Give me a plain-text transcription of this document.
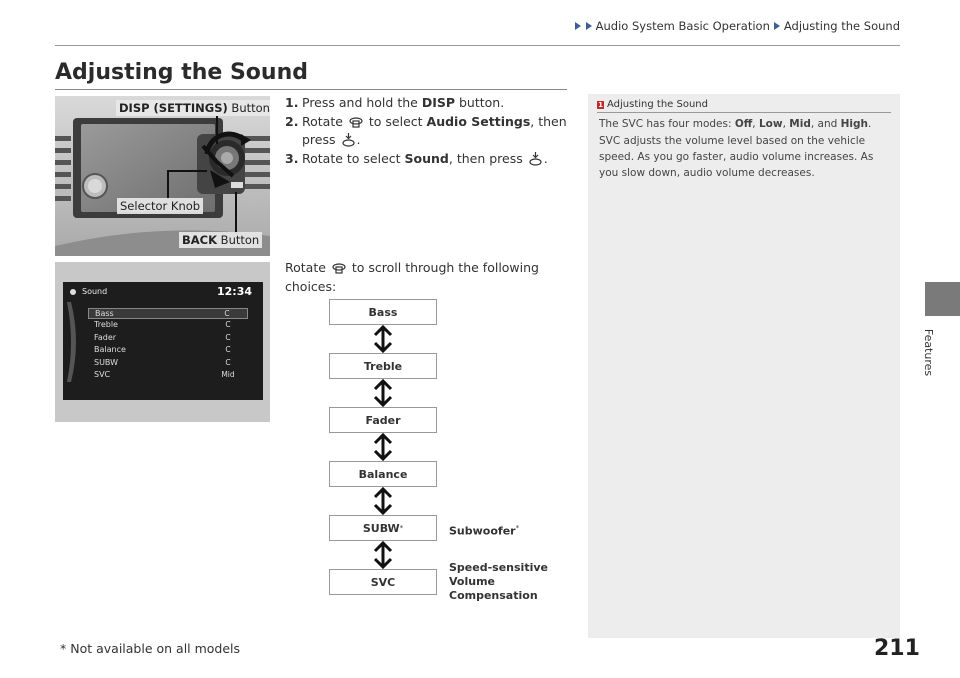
Audio System Basic Operation Adjusting the Sound
Features
Adjusting the Sound
DISP (SETTINGS) Button
Selector Knob
BACK Button
Sound	12:34
Bass	C
Treble	C
Fader	C
Balance	C
SUBW	C
SVC	Mid
1. Press and hold the DISP button.
2. Rotate  to select Audio Settings, then
press .
3. Rotate to select Sound, then press .
Rotate  to scroll through the following choices:
Bass
Treble
Fader
Balance
SUBW *
SVC
Subwoofer*
Speed-sensitive
Volume
Compensation
1 Adjusting the Sound

The SVC has four modes: Off, Low, Mid, and High.

SVC adjusts the volume level based on the vehicle speed. As you go faster, audio volume increases. As you slow down, audio volume decreases.

* Not available on all models	211
